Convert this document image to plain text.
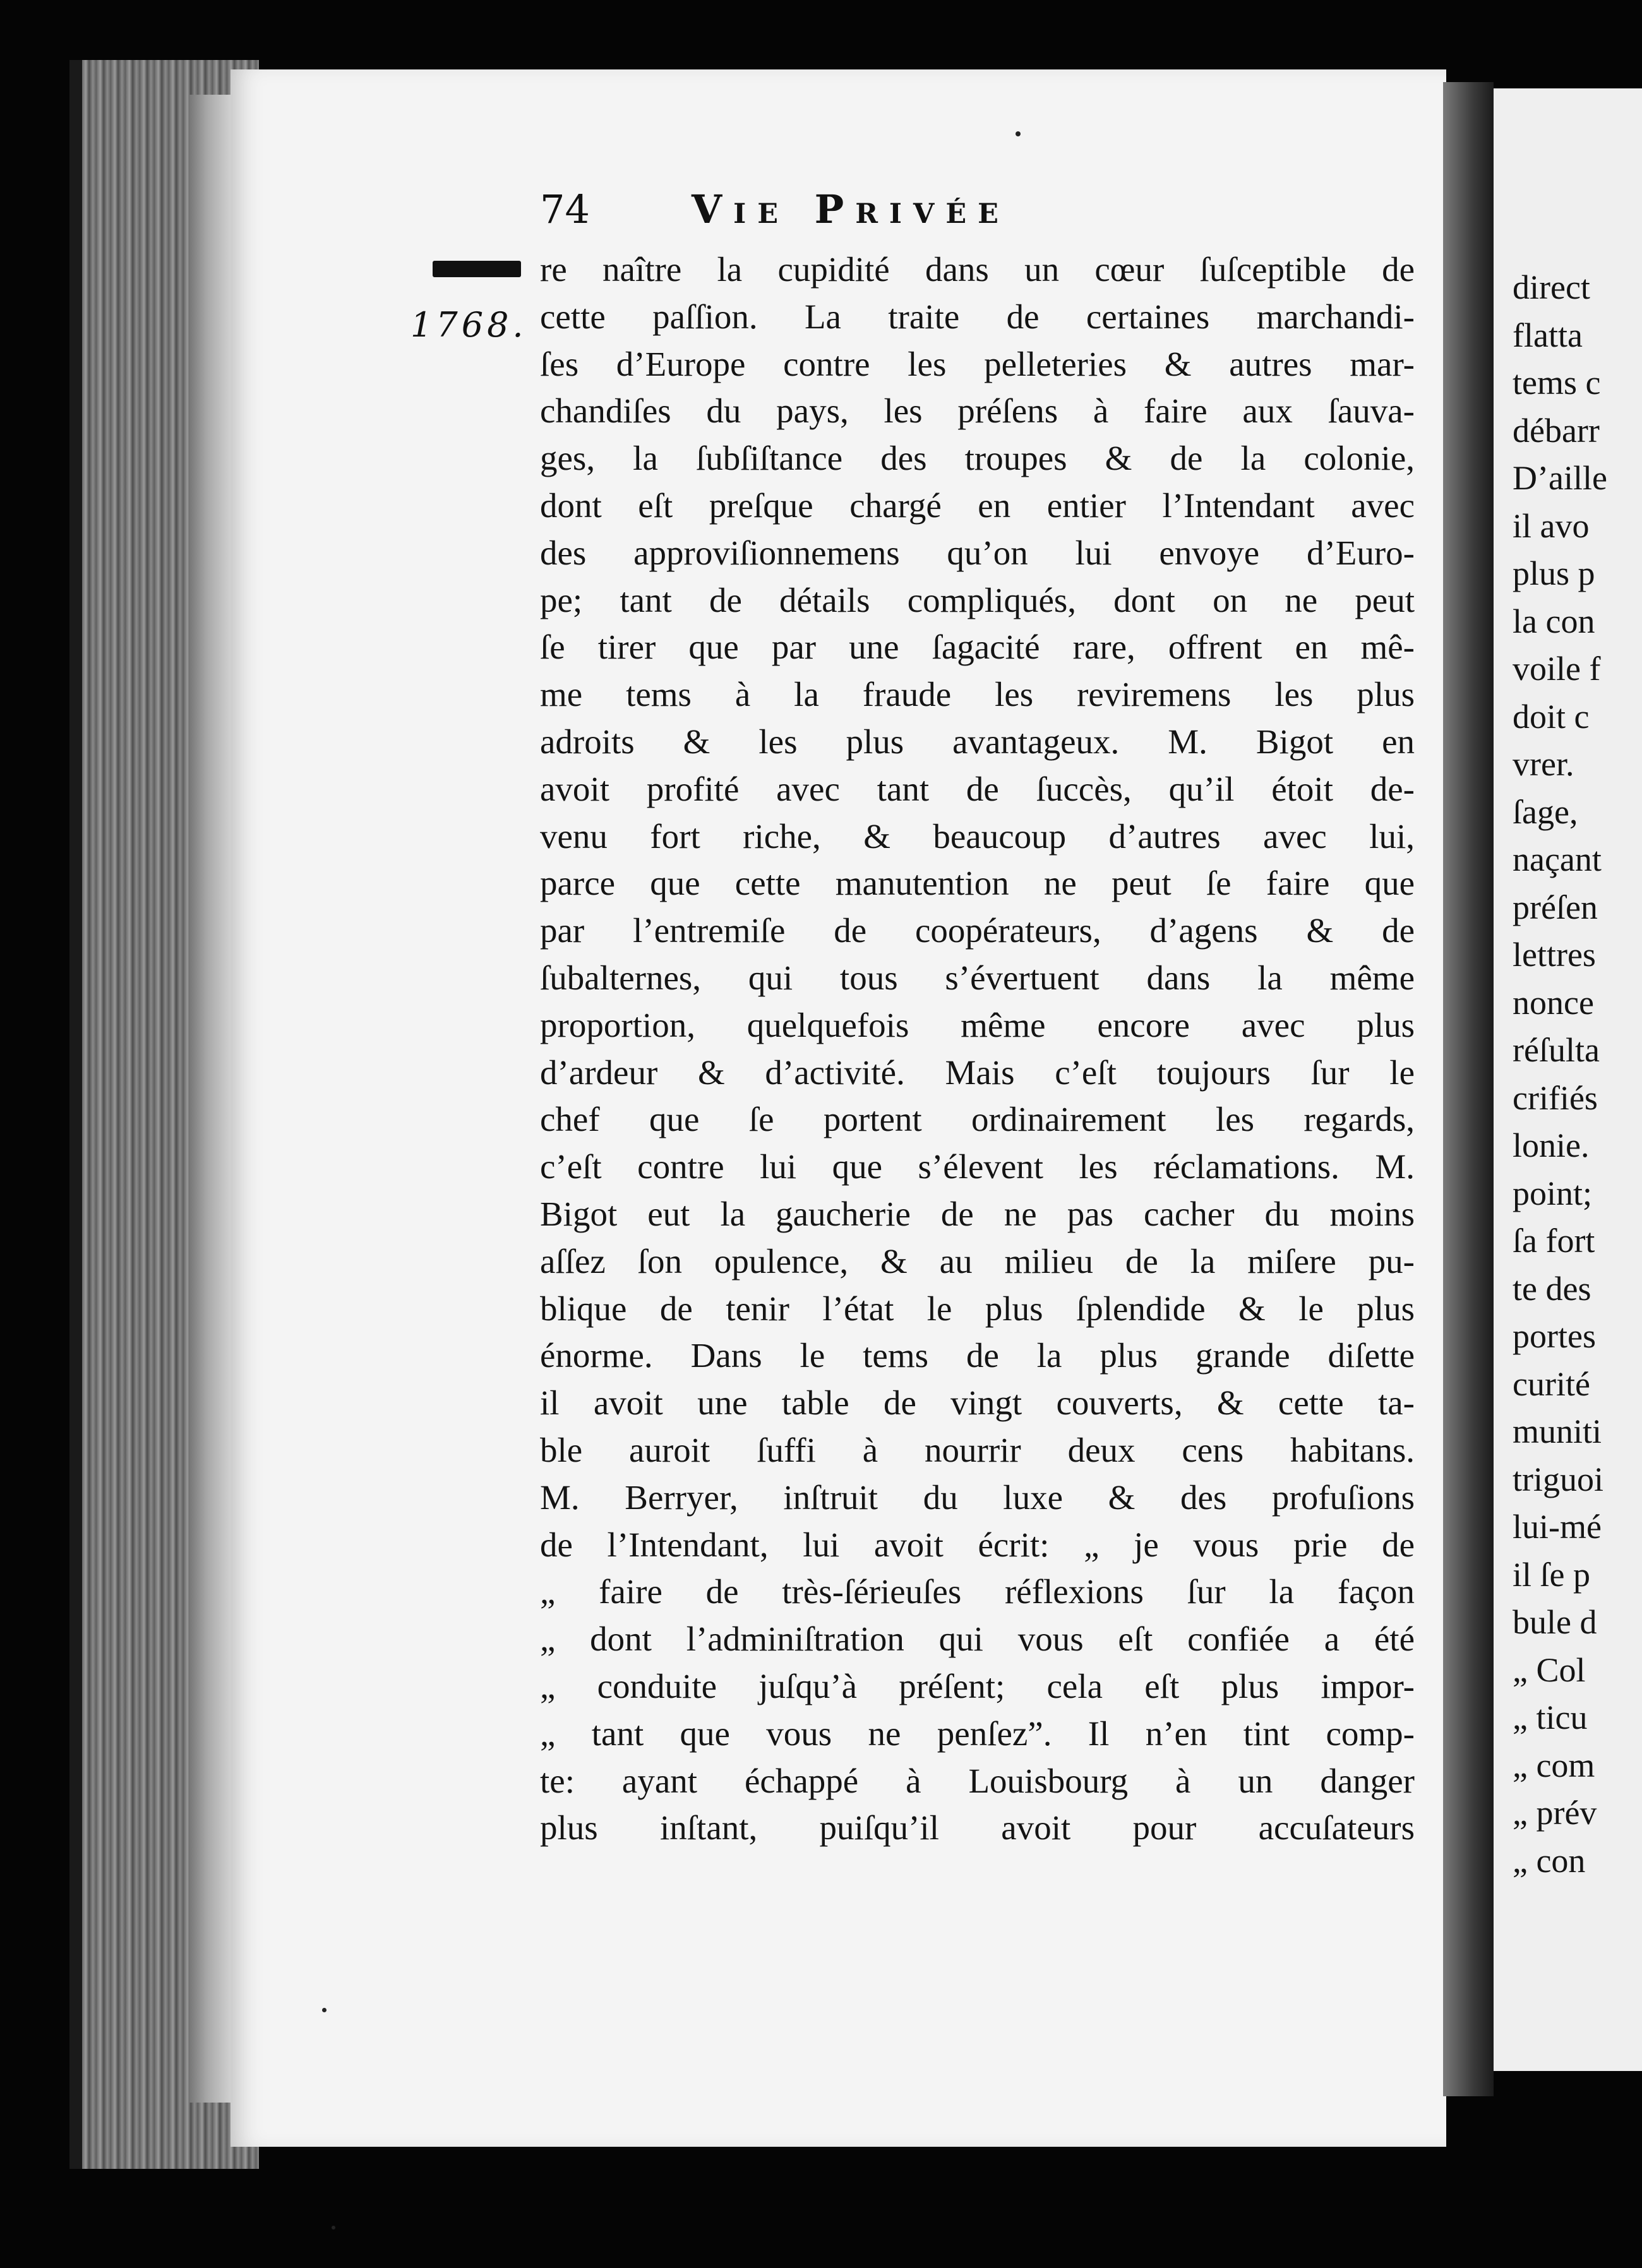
74	Vie Privée
1768.
re naître la cupidité dans un cœur ſuſceptible de
cette paſſion. La traite de certaines marchandi-
ſes d’Europe contre les pelleteries & autres mar-
chandiſes du pays, les préſens à faire aux ſauva-
ges, la ſubſiſtance des troupes & de la colonie,
dont eſt preſque chargé en entier l’Intendant avec
des approviſionnemens qu’on lui envoye d’Euro-
pe; tant de détails compliqués, dont on ne peut
ſe tirer que par une ſagacité rare, offrent en mê-
me tems à la fraude les reviremens les plus
adroits & les plus avantageux. M. Bigot en
avoit profité avec tant de ſuccès, qu’il étoit de-
venu fort riche, & beaucoup d’autres avec lui,
parce que cette manutention ne peut ſe faire que
par l’entremiſe de coopérateurs, d’agens & de
ſubalternes, qui tous s’évertuent dans la même
proportion, quelquefois même encore avec plus
d’ardeur & d’activité. Mais c’eſt toujours ſur le
chef que ſe portent ordinairement les regards,
c’eſt contre lui que s’élevent les réclamations. M.
Bigot eut la gaucherie de ne pas cacher du moins
aſſez ſon opulence, & au milieu de la miſere pu-
blique de tenir l’état le plus ſplendide & le plus
énorme. Dans le tems de la plus grande diſette
il avoit une table de vingt couverts, & cette ta-
ble auroit ſuffi à nourrir deux cens habitans.
M. Berryer, inſtruit du luxe & des profuſions
de l’Intendant, lui avoit écrit: „ je vous prie de
„ faire de très-ſérieuſes réflexions ſur la façon
„ dont l’adminiſtration qui vous eſt confiée a été
„ conduite juſqu’à préſent; cela eſt plus impor-
„ tant que vous ne penſez”. Il n’en tint comp-
te: ayant échappé à Louisbourg à un danger
plus inſtant, puiſqu’il avoit pour accuſateurs
direct
flatta
tems c
débarr
D’aille
il avo
plus p
la con
voile f
doit c
vrer.
ſage,
naçant
préſen
lettres
nonce
réſulta
crifiés
lonie.
point;
ſa fort
te des
portes
curité
muniti
triguoi
lui-mé
il ſe p
bule d
„ Col
„ ticu
„ com
„ prév
„ con
